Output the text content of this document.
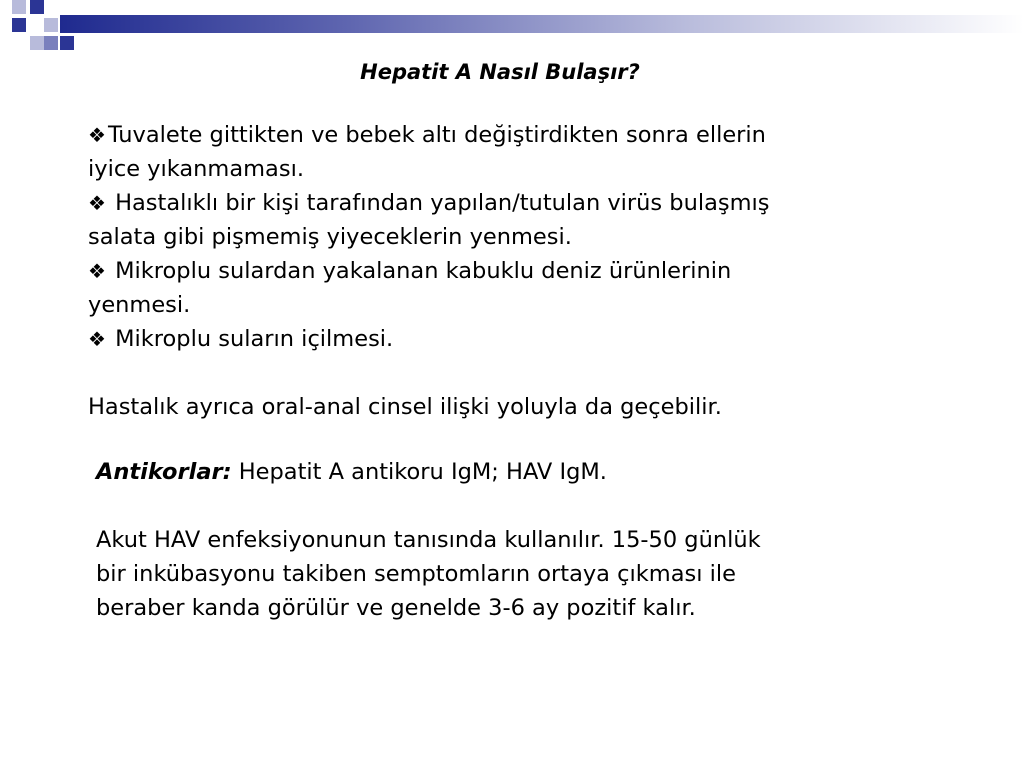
Hepatit A Nasıl Bulaşır?

❖Tuvalete gittikten ve bebek altı değiştirdikten sonra ellerin

iyice yıkanmaması.

❖ Hastalıklı bir kişi tarafından yapılan/tutulan virüs bulaşmış

salata gibi pişmemiş yiyeceklerin yenmesi.

❖ Mikroplu sulardan yakalanan kabuklu deniz ürünlerinin

yenmesi.

❖ Mikroplu suların içilmesi.

Hastalık ayrıca oral-anal cinsel ilişki yoluyla da geçebilir.

Antikorlar: Hepatit A antikoru IgM; HAV IgM.

Akut HAV enfeksiyonunun tanısında kullanılır. 15-50 günlük

bir inkübasyonu takiben semptomların ortaya çıkması ile

beraber kanda görülür ve genelde 3-6 ay pozitif kalır.
